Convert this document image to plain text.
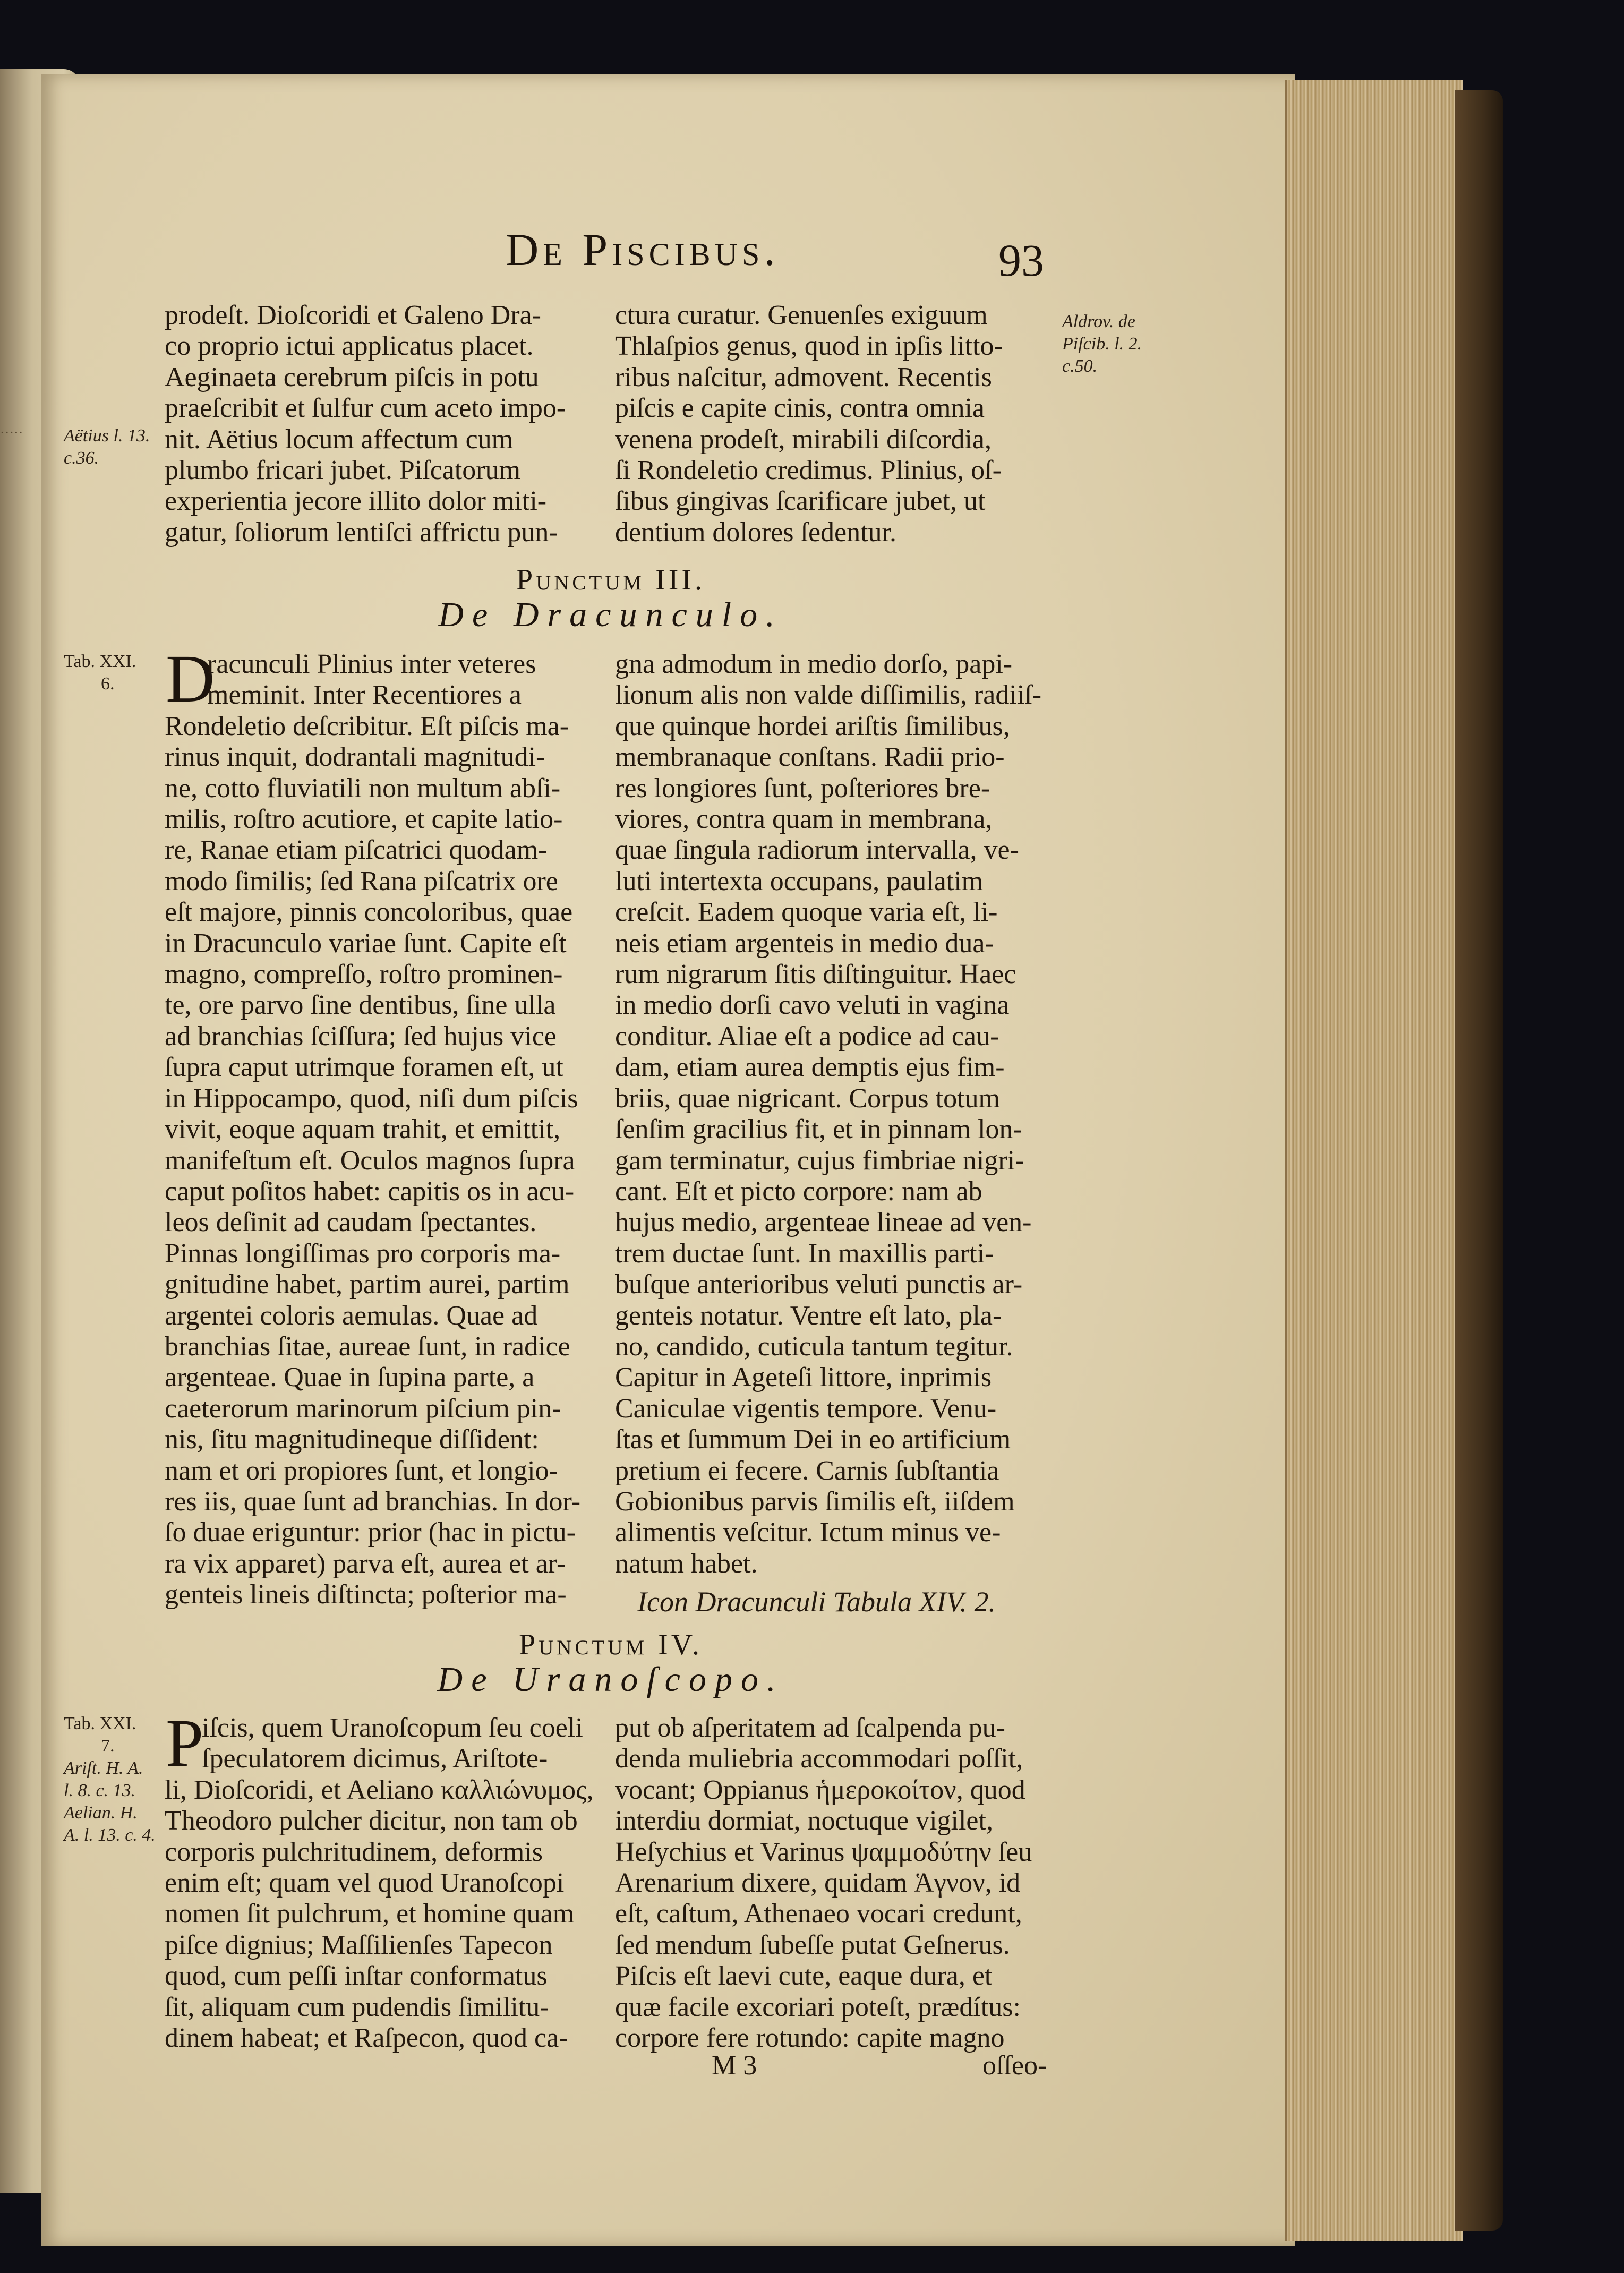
·····
De Piscibus.	93
Aëtius l. 13.
c.36.
Aldrov. de
Piſcib. l. 2.
c.50.
prodeſt. Dioſcoridi et Galeno Dra-
co proprio ictui applicatus placet.
Aeginaeta cerebrum piſcis in potu
praeſcribit et ſulfur cum aceto impo-
nit. Aëtius locum affectum cum
plumbo fricari jubet. Piſcatorum
experientia jecore illito dolor miti-
gatur, ſoliorum lentiſci affrictu pun-
ctura curatur. Genuenſes exiguum
Thlaſpios genus, quod in ipſis litto-
ribus naſcitur, admovent. Recentis
piſcis e capite cinis, contra omnia
venena prodeſt, mirabili diſcordia,
ſi Rondeletio credimus. Plinius, oſ-
ſibus gingivas ſcarificare jubet, ut
dentium dolores ſedentur.
Punctum III.
De Dracunculo.
Tab. XXI.
6. D
racunculi Plinius inter veteres
meminit. Inter Recentiores a
Rondeletio deſcribitur. Eſt piſcis ma-
rinus inquit, dodrantali magnitudi-
ne, cotto fluviatili non multum abſi-
milis, roſtro acutiore, et capite latio-
re, Ranae etiam piſcatrici quodam-
modo ſimilis; ſed Rana piſcatrix ore
eſt majore, pinnis concoloribus, quae
in Dracunculo variae ſunt. Capite eſt
magno, compreſſo, roſtro prominen-
te, ore parvo ſine dentibus, ſine ulla
ad branchias ſciſſura; ſed hujus vice
ſupra caput utrimque foramen eſt, ut
in Hippocampo, quod, niſi dum piſcis
vivit, eoque aquam trahit, et emittit,
manifeſtum eſt. Oculos magnos ſupra
caput poſitos habet: capitis os in acu-
leos deſinit ad caudam ſpectantes.
Pinnas longiſſimas pro corporis ma-
gnitudine habet, partim aurei, partim
argentei coloris aemulas. Quae ad
branchias ſitae, aureae ſunt, in radice
argenteae. Quae in ſupina parte, a
caeterorum marinorum piſcium pin-
nis, ſitu magnitudineque diſſident:
nam et ori propiores ſunt, et longio-
res iis, quae ſunt ad branchias. In dor-
ſo duae eriguntur: prior (hac in pictu-
ra vix apparet) parva eſt, aurea et ar-
genteis lineis diſtincta; poſterior ma-
gna admodum in medio dorſo, papi-
lionum alis non valde diſſimilis, radiiſ-
que quinque hordei ariſtis ſimilibus,
membranaque conſtans. Radii prio-
res longiores ſunt, poſteriores bre-
viores, contra quam in membrana,
quae ſingula radiorum intervalla, ve-
luti intertexta occupans, paulatim
creſcit. Eadem quoque varia eſt, li-
neis etiam argenteis in medio dua-
rum nigrarum ſitis diſtinguitur. Haec
in medio dorſi cavo veluti in vagina
conditur. Aliae eſt a podice ad cau-
dam, etiam aurea demptis ejus fim-
briis, quae nigricant. Corpus totum
ſenſim gracilius fit, et in pinnam lon-
gam terminatur, cujus fimbriae nigri-
cant. Eſt et picto corpore: nam ab
hujus medio, argenteae lineae ad ven-
trem ductae ſunt. In maxillis parti-
buſque anterioribus veluti punctis ar-
genteis notatur. Ventre eſt lato, pla-
no, candido, cuticula tantum tegitur.
Capitur in Ageteſi littore, inprimis
Caniculae vigentis tempore. Venu-
ſtas et ſummum Dei in eo artificium
pretium ei fecere. Carnis ſubſtantia
Gobionibus parvis ſimilis eſt, iiſdem
alimentis veſcitur. Ictum minus ve-
natum habet.
Icon Dracunculi Tabula XIV. 2.
Punctum IV.
De Uranoſcopo.
Tab. XXI.
7.
Ariſt. H. A.
l. 8. c. 13.
Aelian. H.
A. l. 13. c. 4.
P
iſcis, quem Uranoſcopum ſeu coeli
ſpeculatorem dicimus, Ariſtote-
li, Dioſcoridi, et Aeliano καλλιώνυμος,
Theodoro pulcher dicitur, non tam ob
corporis pulchritudinem, deformis
enim eſt; quam vel quod Uranoſcopi
nomen ſit pulchrum, et homine quam
piſce dignius; Maſſilienſes Tapecon
quod, cum peſſi inſtar conformatus
ſit, aliquam cum pudendis ſimilitu-
dinem habeat; et Raſpecon, quod ca-
put ob aſperitatem ad ſcalpenda pu-
denda muliebria accommodari poſſit,
vocant; Oppianus ἡμεροκοίτον, quod
interdiu dormiat, noctuque vigilet,
Heſychius et Varinus ψαμμοδύτην ſeu
Arenarium dixere, quidam Ἁγνον, id
eſt, caſtum, Athenaeo vocari credunt,
ſed mendum ſubeſſe putat Geſnerus.
Piſcis eſt laevi cute, eaque dura, et
quæ facile excoriari poteſt, prædítus:
corpore fere rotundo: capite magno
M 3	oſſeo-
